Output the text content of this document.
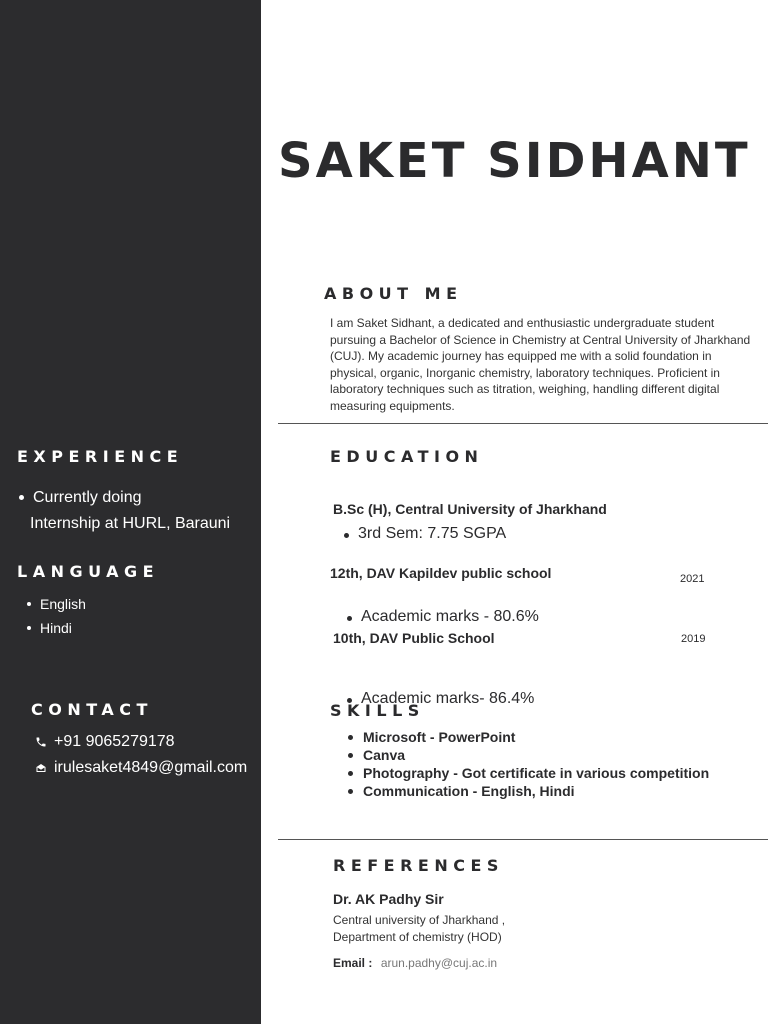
EXPERIENCE
Currently doing
Internship at HURL, Barauni
LANGUAGE
English
Hindi
CONTACT
+91 9065279178
irulesaket4849@gmail.com
SAKET SIDHANT
ABOUT ME
I am Saket Sidhant, a dedicated and enthusiastic undergraduate student pursuing a Bachelor of Science in Chemistry at Central University of Jharkhand (CUJ). My academic journey has equipped me with a solid foundation in physical, organic, Inorganic chemistry, laboratory techniques. Proficient in laboratory techniques such as titration, weighing, handling different digital measuring equipments.
EDUCATION
B.Sc (H), Central University of Jharkhand
3rd Sem: 7.75 SGPA
12th, DAV Kapildev public school	2021
Academic marks - 80.6%
10th, DAV Public School	2019
Academic marks- 86.4%
SKILLS
Microsoft - PowerPoint
Canva
Photography - Got certificate in various competition
Communication - English, Hindi
REFERENCES
Dr. AK Padhy Sir
Central university of Jharkhand ,
Department of chemistry (HOD)
Email : arun.padhy@cuj.ac.in
